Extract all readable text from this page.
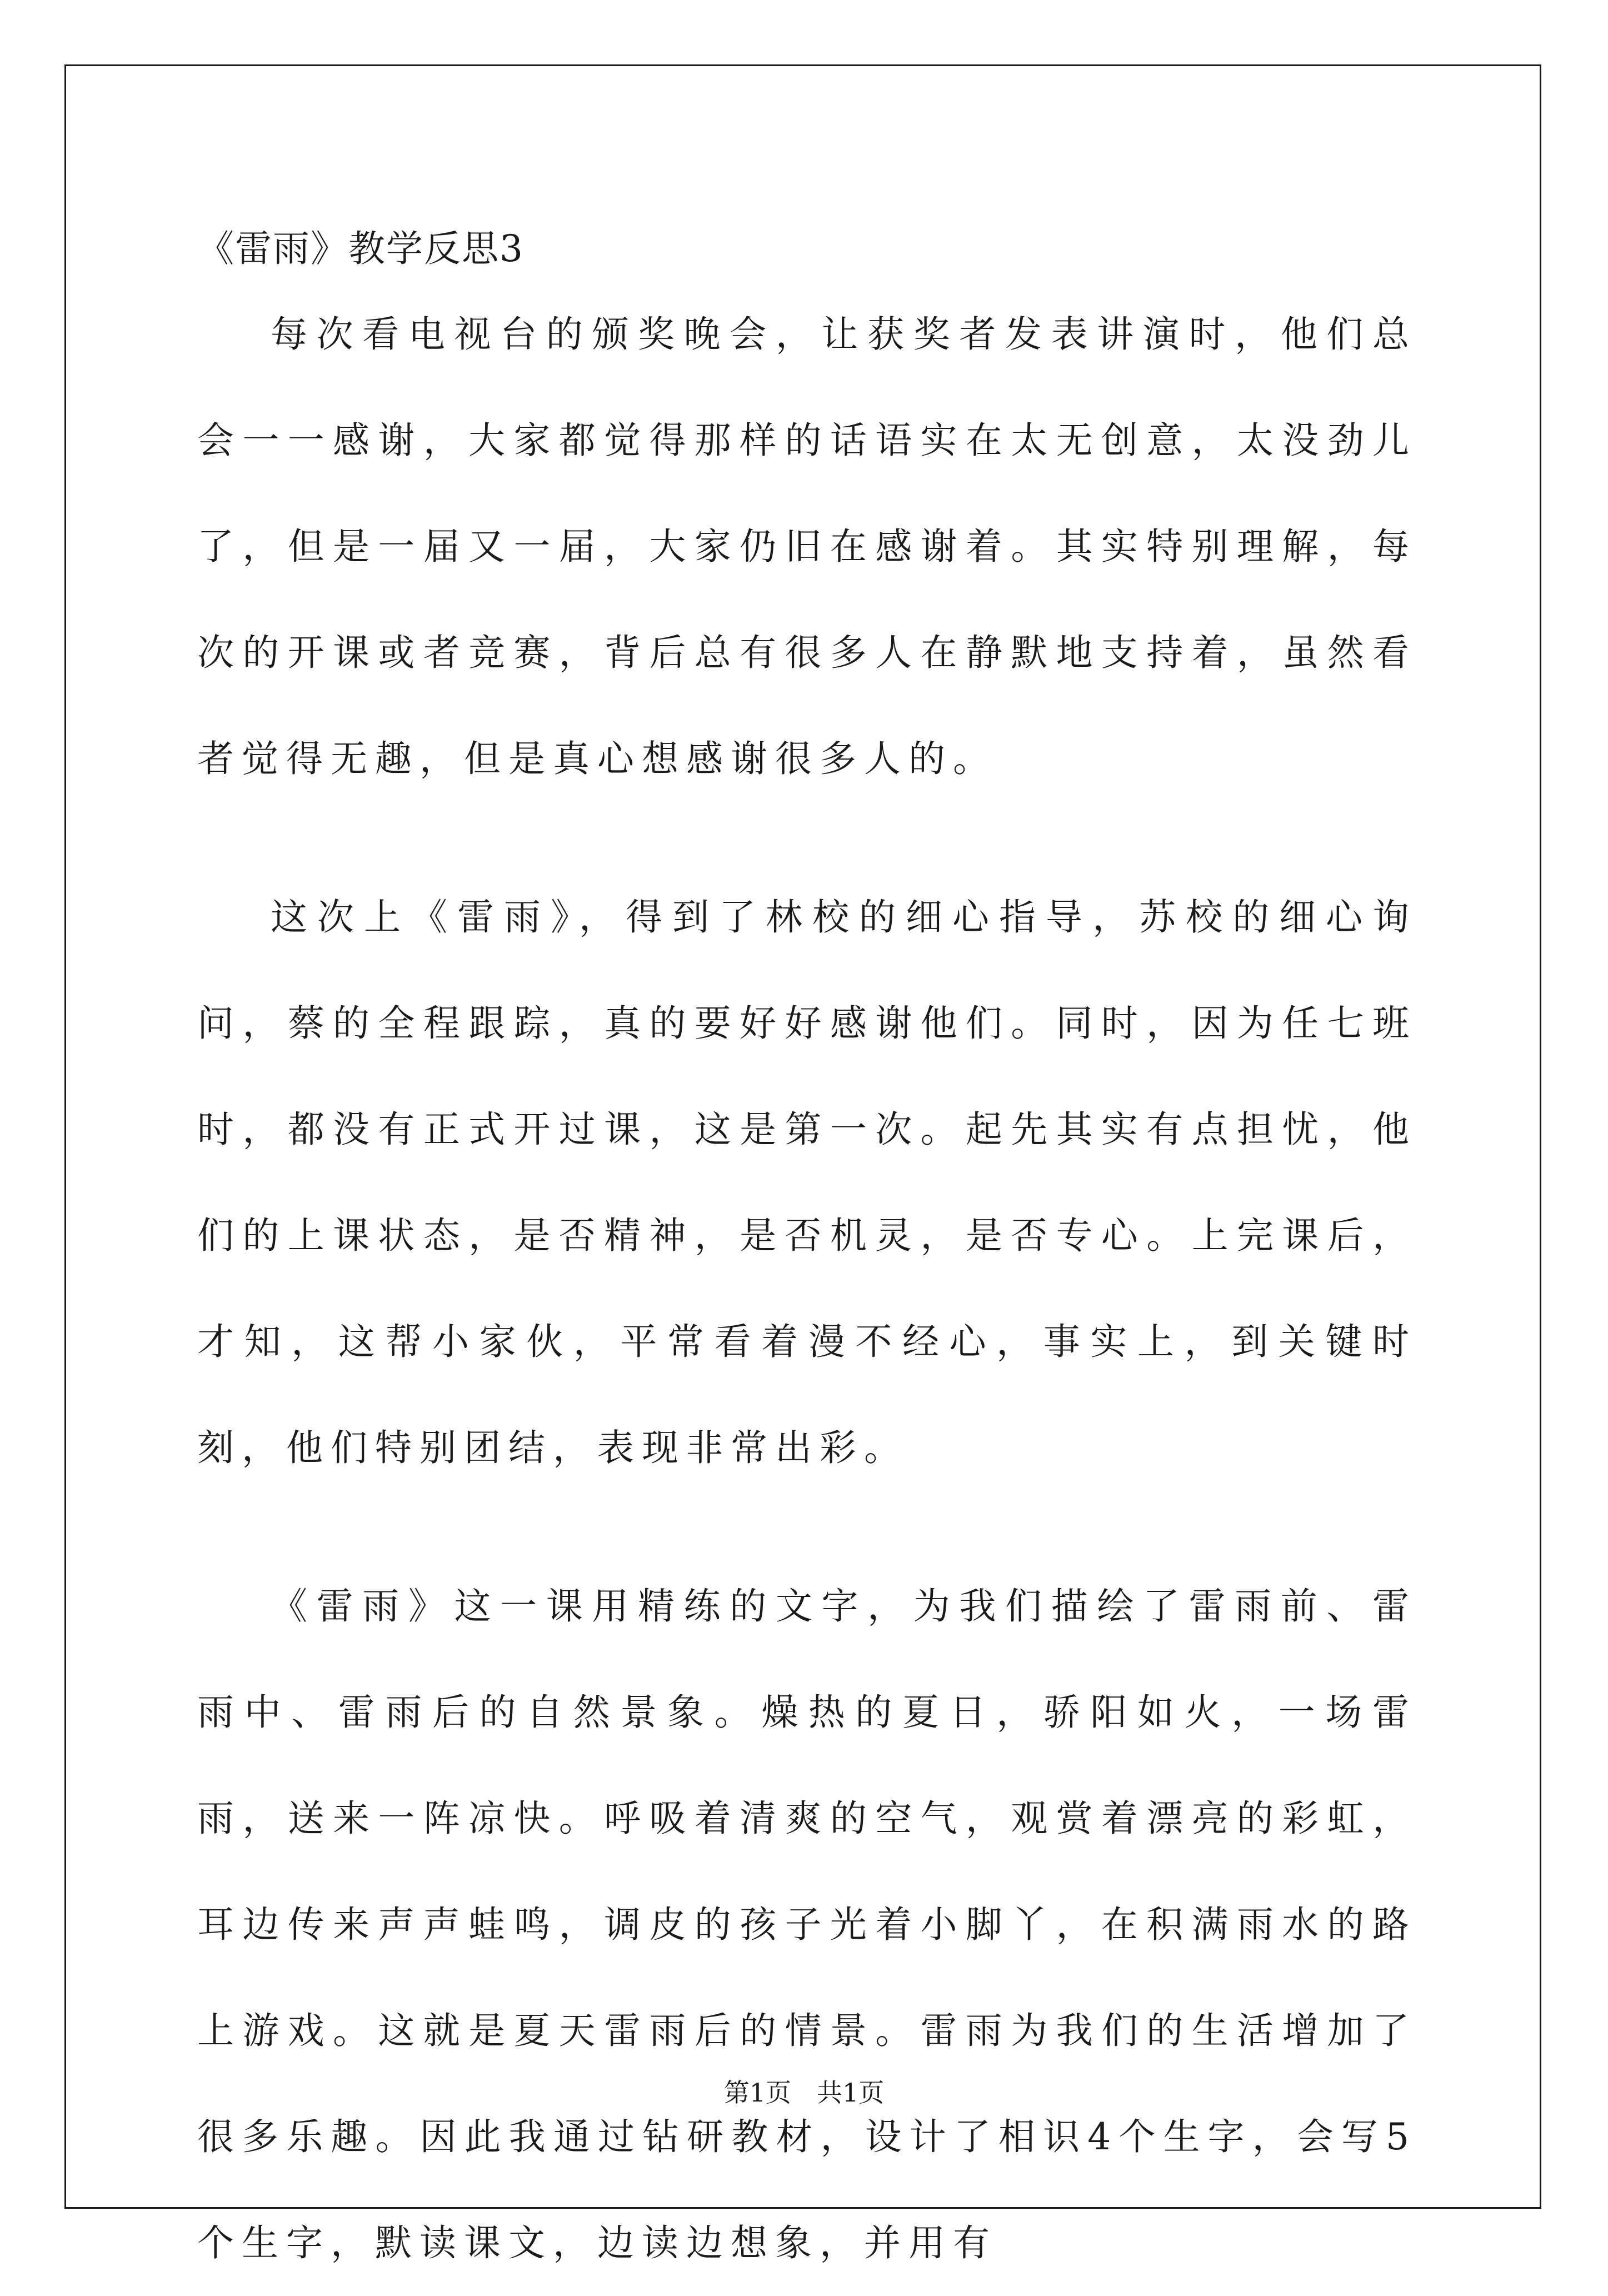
《雷雨》教学反思3

每次看电视台的颁奖晚会，让获奖者发表讲演时，他们总会一一感谢，大家都觉得那样的话语实在太无创意，太没劲儿了，但是一届又一届，大家仍旧在感谢着。其实特别理解，每次的开课或者竞赛，背后总有很多人在静默地支持着，虽然看者觉得无趣，但是真心想感谢很多人的。

这次上《雷雨》，得到了林校的细心指导，苏校的细心询问，蔡的全程跟踪，真的要好好感谢他们。同时，因为任七班时，都没有正式开过课，这是第一次。起先其实有点担忧，他们的上课状态，是否精神，是否机灵，是否专心。上完课后，才知，这帮小家伙，平常看着漫不经心，事实上，到关键时刻，他们特别团结，表现非常出彩。

《雷雨》这一课用精练的文字，为我们描绘了雷雨前、雷雨中、雷雨后的自然景象。燥热的夏日，骄阳如火，一场雷雨，送来一阵凉快。呼吸着清爽的空气，观赏着漂亮的彩虹，耳边传来声声蛙鸣，调皮的孩子光着小脚丫，在积满雨水的路上游戏。这就是夏天雷雨后的情景。雷雨为我们的生活增加了很多乐趣。因此我通过钻研教材，设计了相识4个生字，会写5个生字，默读课文，边读边想象，并用有

第1页　共1页
